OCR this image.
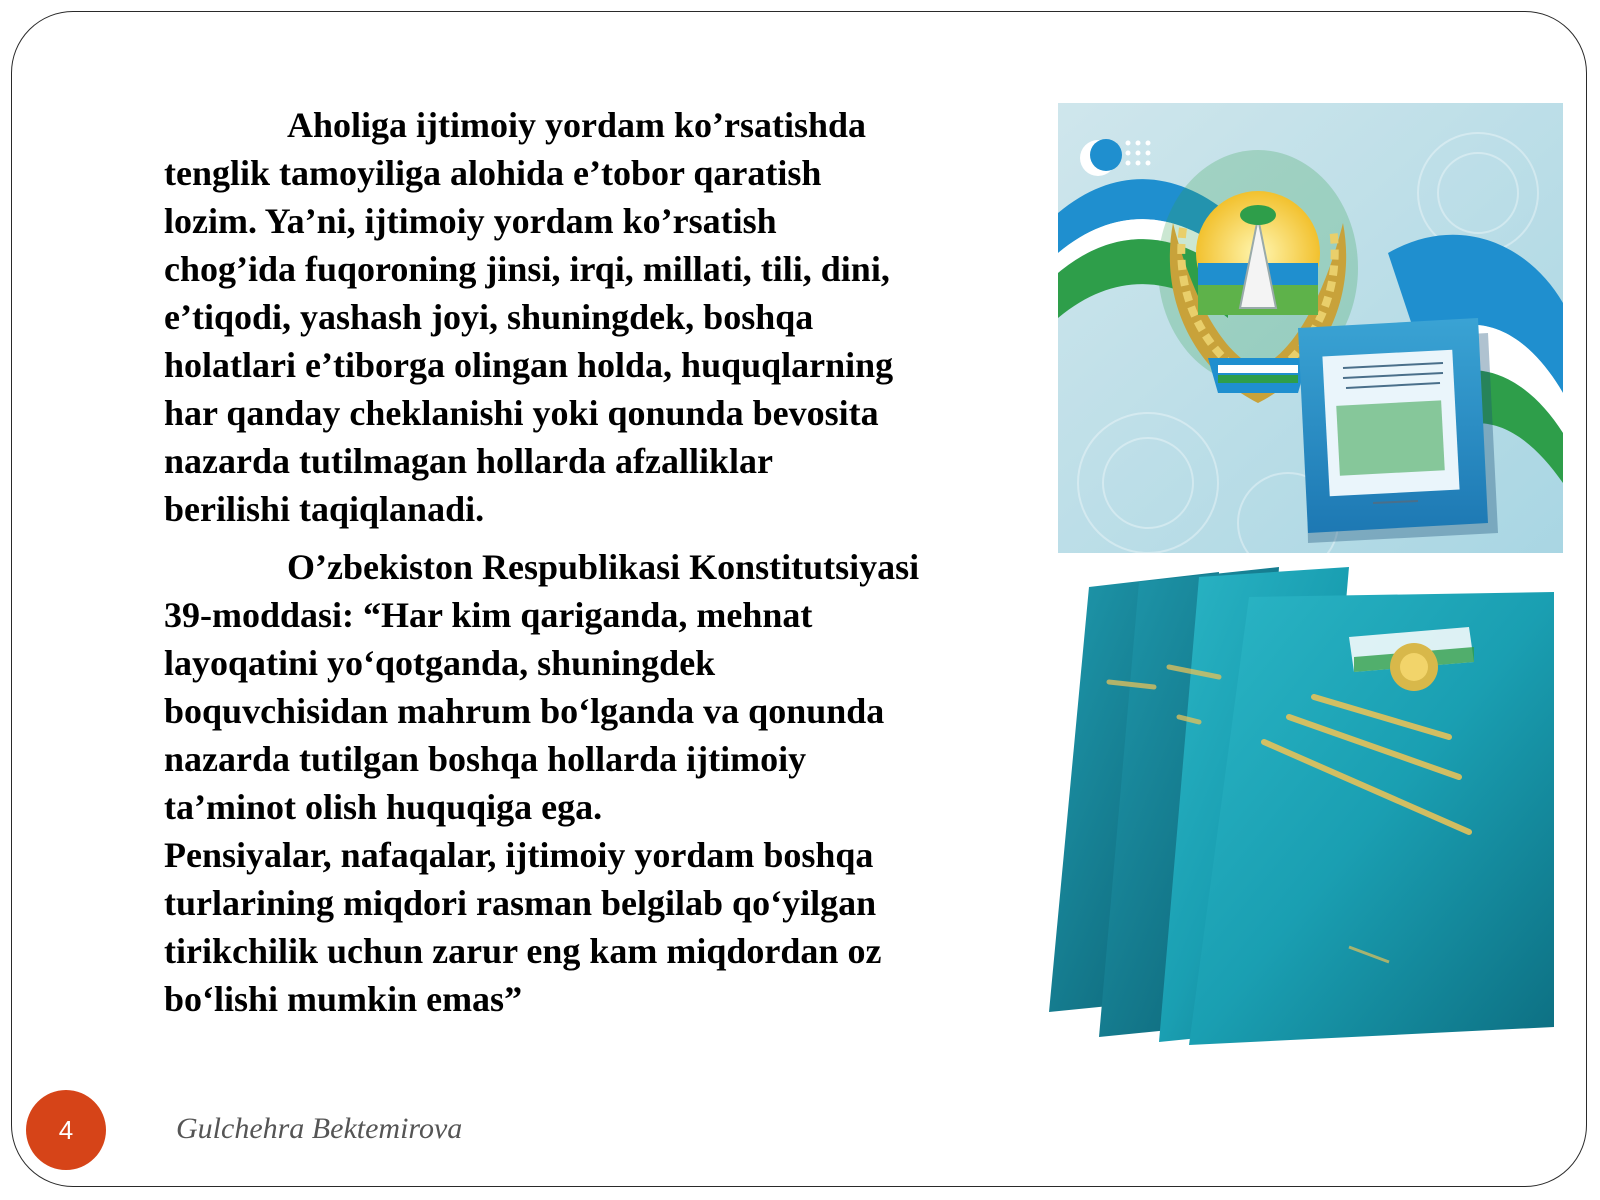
Aholiga ijtimoiy yordam ko’rsatishda
tenglik tamoyiliga alohida e’tobor qaratish
lozim. Ya’ni, ijtimoiy yordam ko’rsatish
chog’ida fuqoroning jinsi, irqi, millati, tili, dini,
e’tiqodi, yashash joyi, shuningdek, boshqa
holatlari e’tiborga olingan holda, huquqlarning
har qanday cheklanishi yoki qonunda bevosita
nazarda tutilmagan hollarda afzalliklar
berilishi taqiqlanadi.

O’zbekiston Respublikasi Konstitutsiyasi
39-moddasi: “Har kim qariganda, mehnat
layoqatini yo‘qotganda, shuningdek
boquvchisidan mahrum bo‘lganda va qonunda
nazarda tutilgan boshqa hollarda ijtimoiy
ta’minot olish huquqiga ega.

Pensiyalar, nafaqalar, ijtimoiy yordam boshqa
turlarining miqdori rasman belgilab qo‘yilgan
tirikchilik uchun zarur eng kam miqdordan oz
bo‘lishi mumkin emas”

4	Gulchehra Bektemirova
